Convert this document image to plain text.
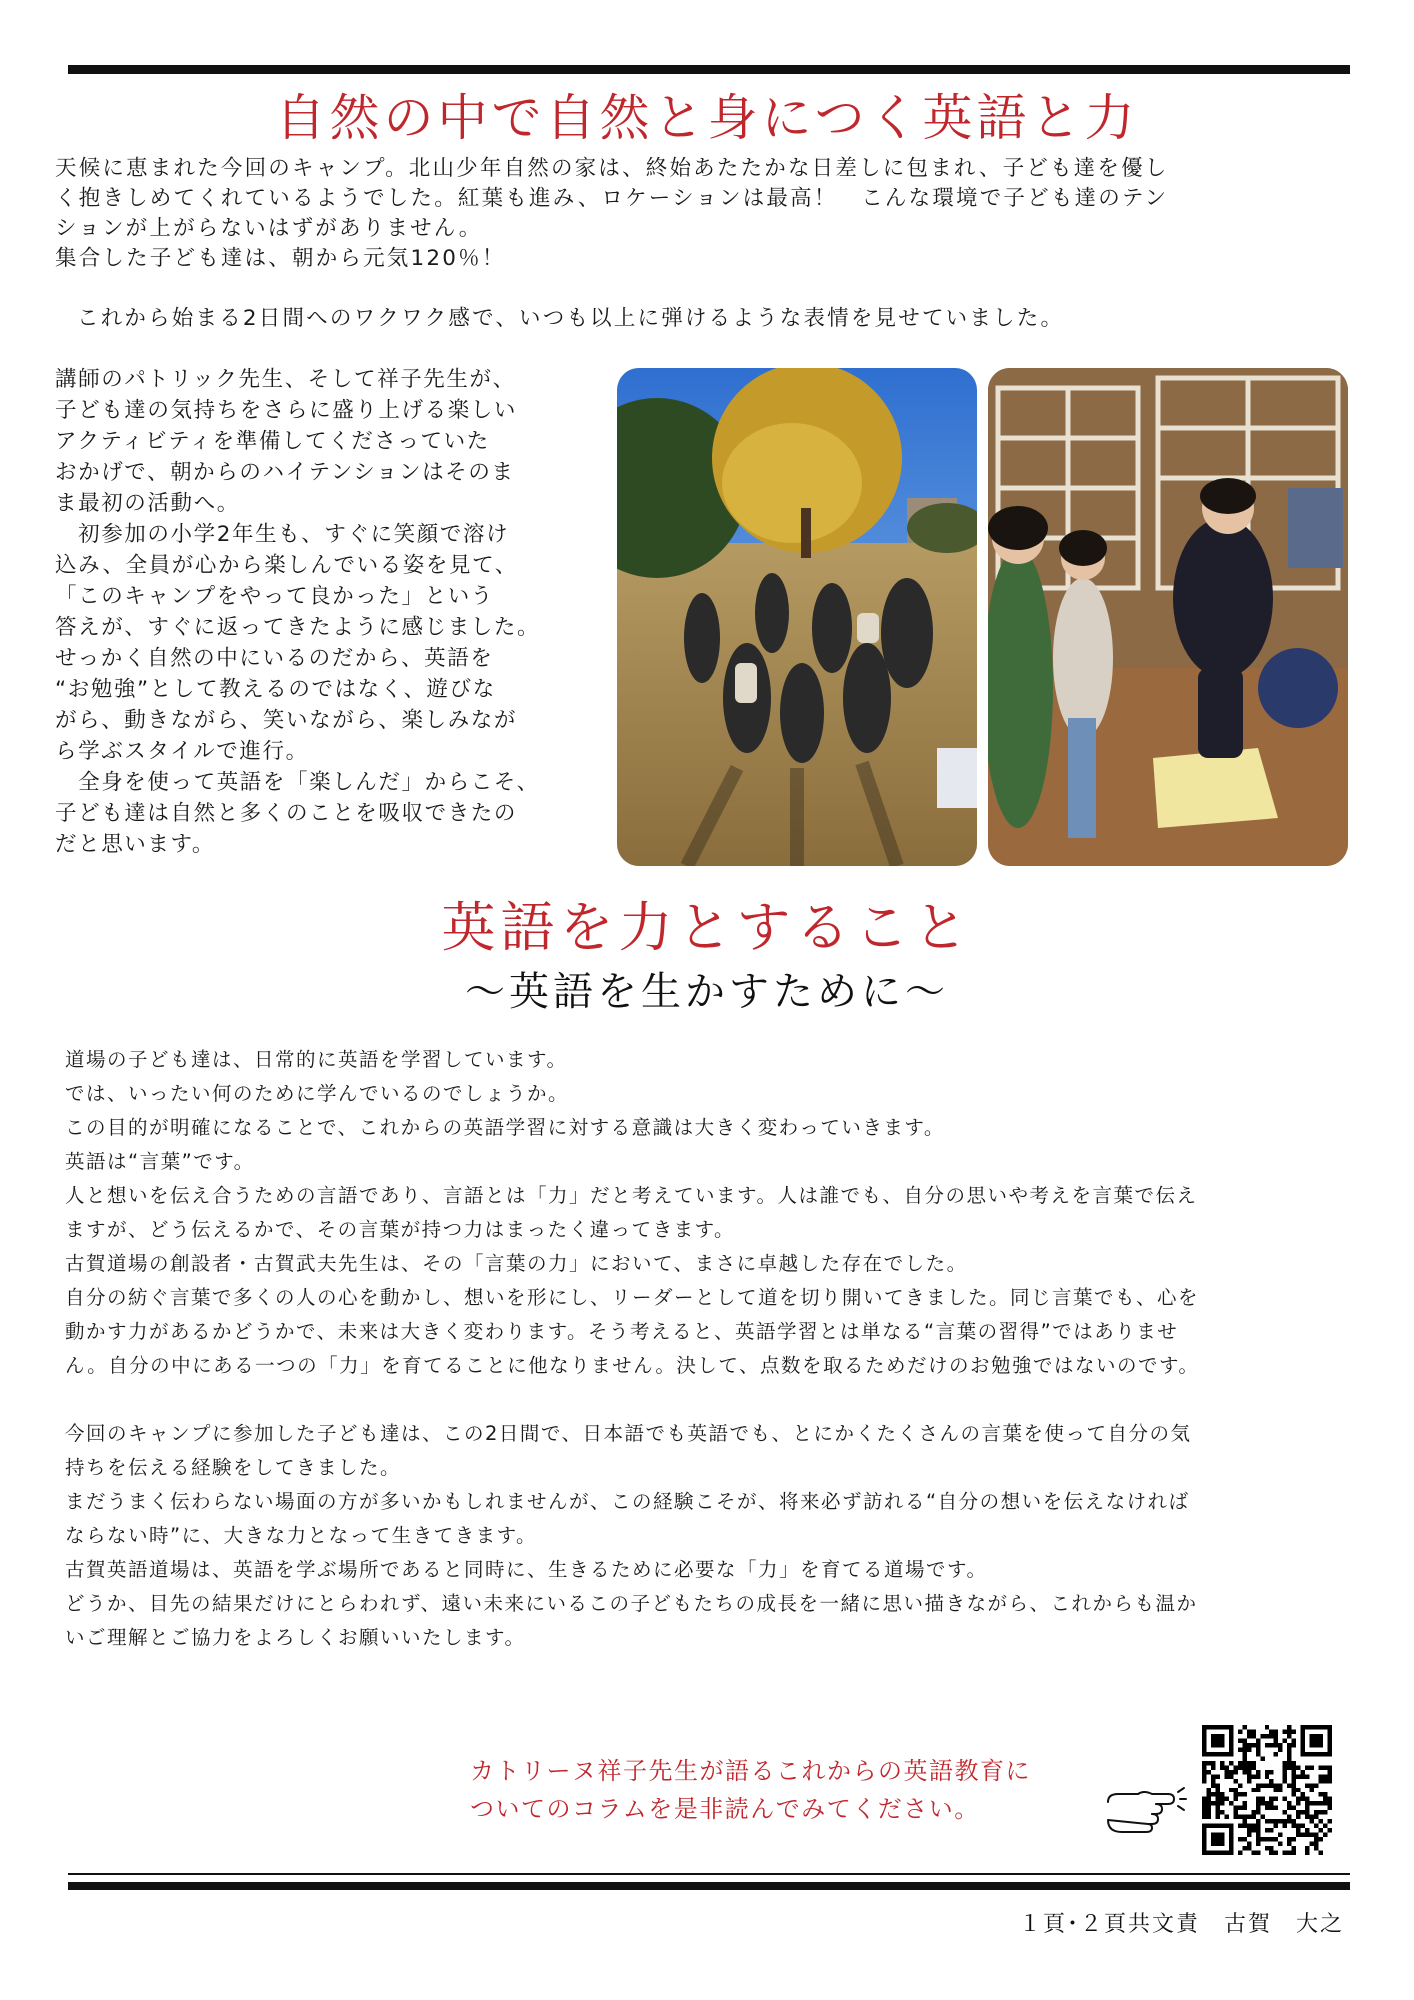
自然の中で自然と身につく英語と力

天候に恵まれた今回のキャンプ。北山少年自然の家は、終始あたたかな日差しに包まれ、子ども達を優し

く抱きしめてくれているようでした。紅葉も進み、ロケーションは最高！　こんな環境で子ども達のテン

ションが上がらないはずがありません。

集合した子ども達は、朝から元気120％！

これから始まる2日間へのワクワク感で、いつも以上に弾けるような表情を見せていました。

講師のパトリック先生、そして祥子先生が、

子ども達の気持ちをさらに盛り上げる楽しい

アクティビティを準備してくださっていた

おかげで、朝からのハイテンションはそのま

ま最初の活動へ。

　初参加の小学2年生も、すぐに笑顔で溶け

込み、全員が心から楽しんでいる姿を見て、

「このキャンプをやって良かった」という

答えが、すぐに返ってきたように感じました。

せっかく自然の中にいるのだから、英語を

“お勉強”として教えるのではなく、遊びな

がら、動きながら、笑いながら、楽しみなが

ら学ぶスタイルで進行。

　全身を使って英語を「楽しんだ」からこそ、

子ども達は自然と多くのことを吸収できたの

だと思います。

英語を力とすること
～英語を生かすために～

道場の子ども達は、日常的に英語を学習しています。

では、いったい何のために学んでいるのでしょうか。

この目的が明確になることで、これからの英語学習に対する意識は大きく変わっていきます。

英語は“言葉”です。

人と想いを伝え合うための言語であり、言語とは「力」だと考えています。人は誰でも、自分の思いや考えを言葉で伝え

ますが、どう伝えるかで、その言葉が持つ力はまったく違ってきます。

古賀道場の創設者・古賀武夫先生は、その「言葉の力」において、まさに卓越した存在でした。

自分の紡ぐ言葉で多くの人の心を動かし、想いを形にし、リーダーとして道を切り開いてきました。同じ言葉でも、心を

動かす力があるかどうかで、未来は大きく変わります。そう考えると、英語学習とは単なる“言葉の習得”ではありませ

ん。自分の中にある一つの「力」を育てることに他なりません。決して、点数を取るためだけのお勉強ではないのです。

今回のキャンプに参加した子ども達は、この2日間で、日本語でも英語でも、とにかくたくさんの言葉を使って自分の気

持ちを伝える経験をしてきました。

まだうまく伝わらない場面の方が多いかもしれませんが、この経験こそが、将来必ず訪れる“自分の想いを伝えなければ

ならない時”に、大きな力となって生きてきます。

古賀英語道場は、英語を学ぶ場所であると同時に、生きるために必要な「力」を育てる道場です。

どうか、目先の結果だけにとらわれず、遠い未来にいるこの子どもたちの成長を一緒に思い描きながら、これからも温か

いご理解とご協力をよろしくお願いいたします。

カトリーヌ祥子先生が語るこれからの英語教育に

ついてのコラムを是非読んでみてください。

１頁･２頁共文責　古賀　大之
